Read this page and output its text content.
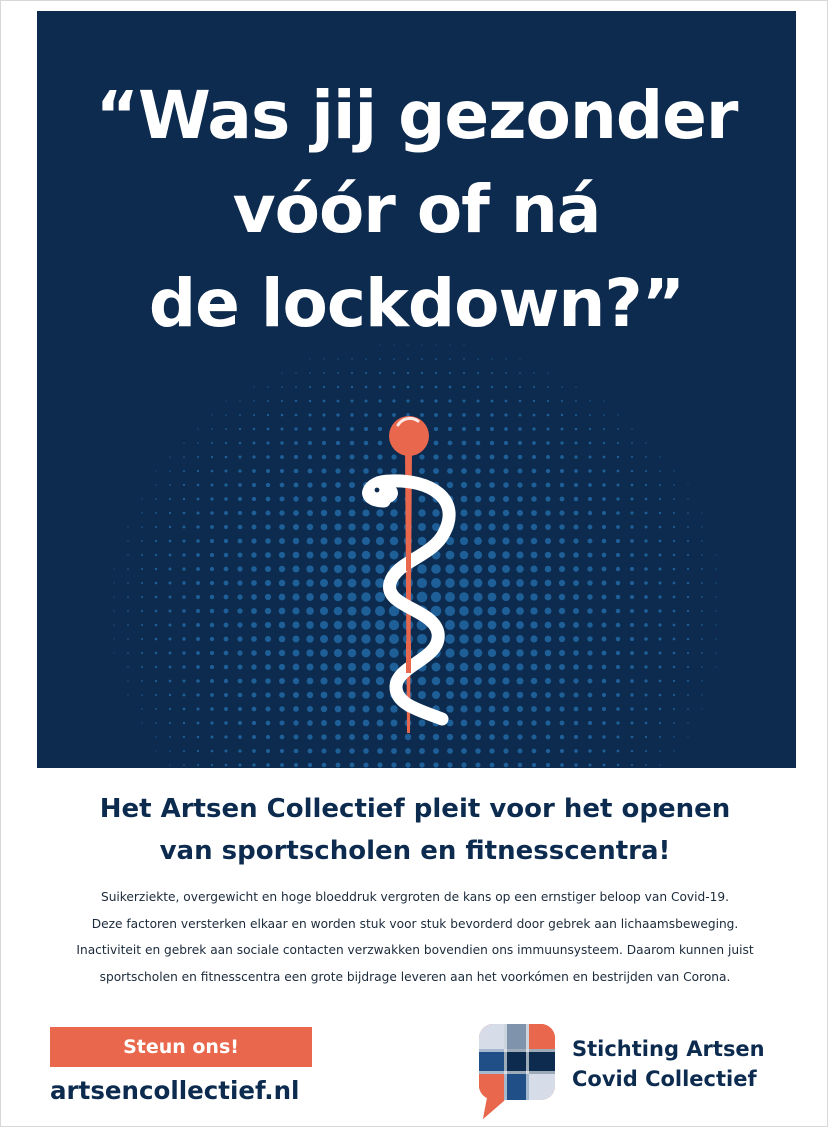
“Was jij gezonder
vóór of ná
de lockdown?”
Het Artsen Collectief pleit voor het openen
van sportscholen en fitnesscentra!
Suikerziekte, overgewicht en hoge bloeddruk vergroten de kans op een ernstiger beloop van Covid-19.
Deze factoren versterken elkaar en worden stuk voor stuk bevorderd door gebrek aan lichaamsbeweging.
Inactiviteit en gebrek aan sociale contacten verzwakken bovendien ons immuunsysteem. Daarom kunnen juist
sportscholen en fitnesscentra een grote bijdrage leveren aan het voorkómen en bestrijden van Corona.
Steun ons!
artsencollectief.nl
Stichting Artsen
Covid Collectief
